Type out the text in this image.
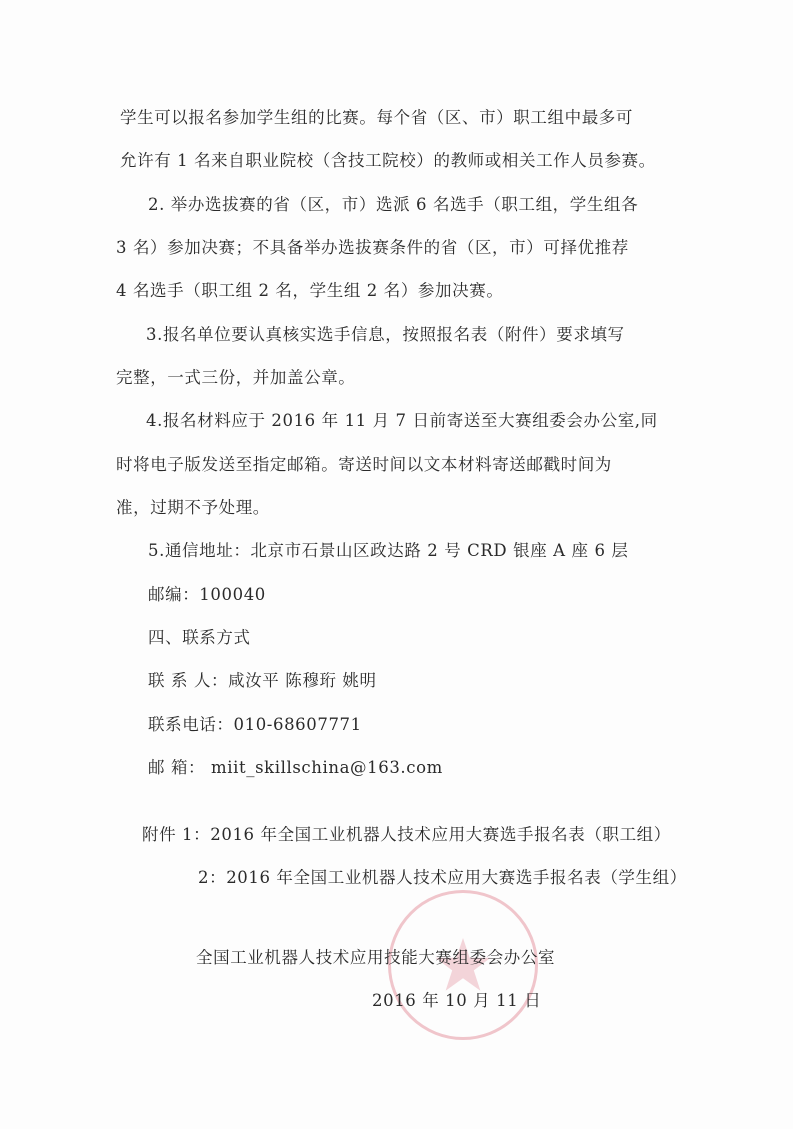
学生可以报名参加学生组的比赛。每个省（区、市）职工组中最多可
允许有 1 名来自职业院校（含技工院校）的教师或相关工作人员参赛。
2. 举办选拔赛的省（区，市）选派 6 名选手（职工组，学生组各
3 名）参加决赛；不具备举办选拔赛条件的省（区，市）可择优推荐
4 名选手（职工组 2 名，学生组 2 名）参加决赛。
3.报名单位要认真核实选手信息，按照报名表（附件）要求填写
完整，一式三份，并加盖公章。
4.报名材料应于 2016 年 11 月 7 日前寄送至大赛组委会办公室,同
时将电子版发送至指定邮箱。寄送时间以文本材料寄送邮戳时间为
准，过期不予处理。
5.通信地址：北京市石景山区政达路 2 号 CRD 银座 A 座 6 层
邮编：100040
四、联系方式
联 系 人：咸汝平 陈穆珩 姚明
联系电话：010-68607771
邮 箱： miit_skillschina@163.com
附件 1：2016 年全国工业机器人技术应用大赛选手报名表（职工组）
2：2016 年全国工业机器人技术应用大赛选手报名表（学生组）
全国工业机器人技术应用技能大赛组委会办公室
2016 年 10 月 11 日
